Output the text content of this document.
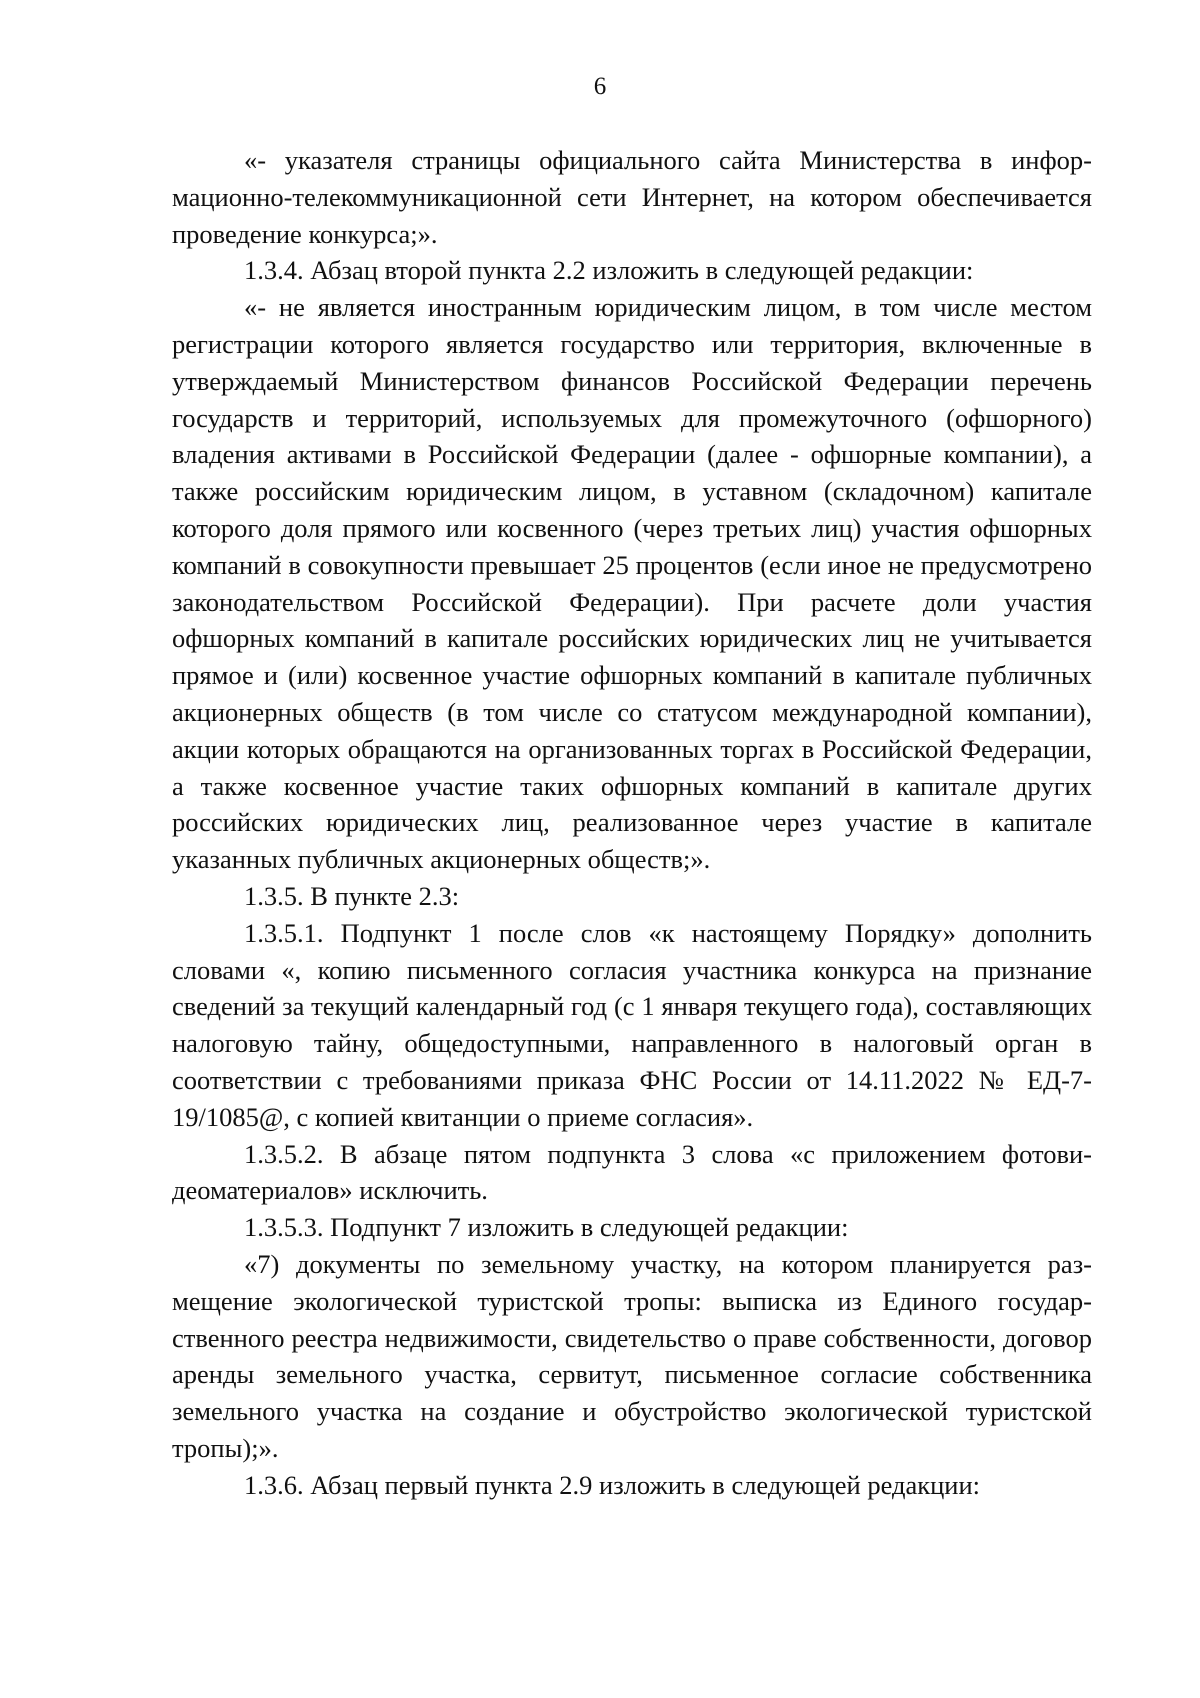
6

«- указателя страницы официального сайта Министерства в информационно-телекоммуникационной сети Интернет, на котором обеспечивается проведение конкурса;».

1.3.4. Абзац второй пункта 2.2 изложить в следующей редакции:

«- не является иностранным юридическим лицом, в том числе местом регистрации которого является государство или территория, включенные в утверждаемый Министерством финансов Российской Федерации перечень государств и территорий, используемых для промежуточного (офшорного) владения активами в Российской Федерации (далее - офшорные компании), а также российским юридическим лицом, в уставном (складочном) капитале которого доля прямого или косвенного (через третьих лиц) участия офшорных компаний в совокупности превышает 25 процентов (если иное не предусмотрено законодательством Российской Федерации). При расчете доли участия офшорных компаний в капитале российских юридических лиц не учитывается прямое и (или) косвенное участие офшорных компаний в капитале публичных акционерных обществ (в том числе со статусом международной компании), акции которых обращаются на организованных торгах в Российской Федерации, а также косвенное участие таких офшорных компаний в капитале других российских юридических лиц, реализованное через участие в капитале указанных публичных акционерных обществ;».

1.3.5. В пункте 2.3:

1.3.5.1. Подпункт 1 после слов «к настоящему Порядку» дополнить словами «, копию письменного согласия участника конкурса на признание сведений за текущий календарный год (с 1 января текущего года), составляющих налоговую тайну, общедоступными, направленного в налоговый орган в соответствии с требованиями приказа ФНС России от 14.11.2022 № ЕД-7-19/1085@, с копией квитанции о приеме согласия».

1.3.5.2. В абзаце пятом подпункта 3 слова «с приложением фотовидеоматериалов» исключить.

1.3.5.3. Подпункт 7 изложить в следующей редакции:

«7) документы по земельному участку, на котором планируется размещение экологической туристской тропы: выписка из Единого государственного реестра недвижимости, свидетельство о праве собственности, договор аренды земельного участка, сервитут, письменное согласие собственника земельного участка на создание и обустройство экологической туристской тропы);».

1.3.6. Абзац первый пункта 2.9 изложить в следующей редакции:
